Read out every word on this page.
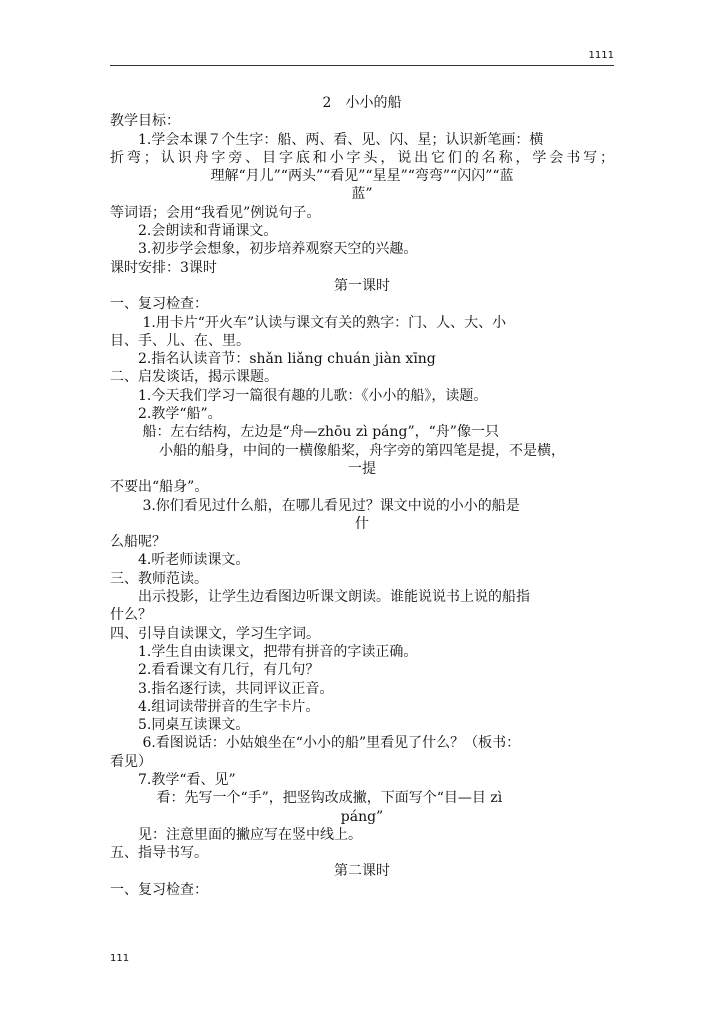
1111
2　小小的船
教学目标：
　　1.学会本课７个生字：船、两、看、见、闪、星；认识新笔画：横
折弯；认识舟字旁、目字底和小字头，说出它们的名称，学会书写；
理解“月儿”“两头”“看见”“星星”“弯弯”“闪闪”“蓝
蓝”
等词语；会用“我看见”例说句子。
　　2.会朗读和背诵课文。
　　3.初步学会想象，初步培养观察天空的兴趣。
课时安排：3课时
第一课时
一、复习检查：
　　 1.用卡片“开火车”认读与课文有关的熟字：门、人、大、小
目、手、儿、在、里。
　　2.指名认读音节：shǎn liǎng chuán jiàn xīng
二、启发谈话，揭示课题。
　　1.今天我们学习一篇很有趣的儿歌：《小小的船》，读题。
　　2.教学“船”。
　　 船：左右结构，左边是“舟—zhōu zì páng”，“舟”像一只
小船的船身，中间的一横像船桨，舟字旁的第四笔是提，不是横，
一提
不要出“船身”。
　　 3.你们看见过什么船，在哪儿看见过？课文中说的小小的船是
什
么船呢？
　　4.听老师读课文。
三、教师范读。
　　出示投影，让学生边看图边听课文朗读。谁能说说书上说的船指
什么？
四、引导自读课文，学习生字词。
　　1.学生自由读课文，把带有拼音的字读正确。
　　2.看看课文有几行，有几句？
　　3.指名逐行读，共同评议正音。
　　4.组词读带拼音的生字卡片。
　　5.同桌互读课文。
　　 6.看图说话：小姑娘坐在“小小的船”里看见了什么？（板书：
看见）
　　7.教学“看、见”
　　　 看：先写一个“手”，把竖钩改成撇，下面写个“目—目 zì
páng”
　　见：注意里面的撇应写在竖中线上。
五、指导书写。
第二课时
一、复习检查：
111
